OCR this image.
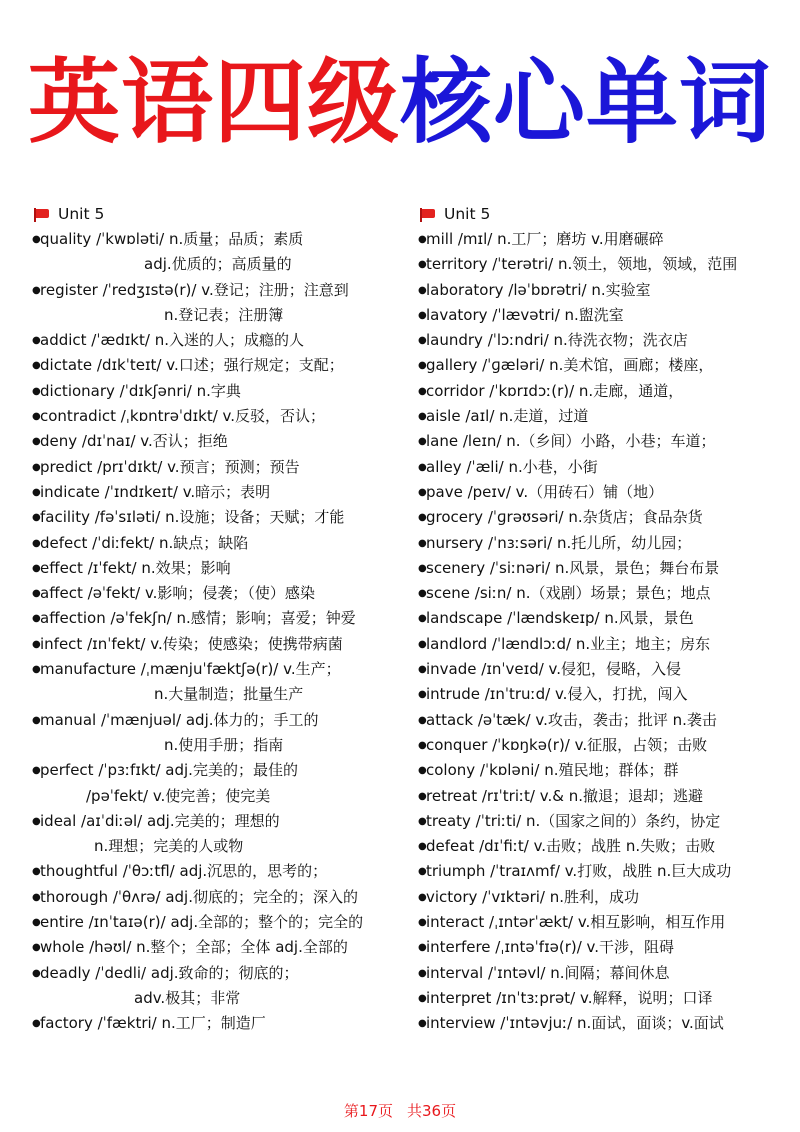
英语四级核心单词
Unit 5
●quality /ˈkwɒləti/ n.质量；品质；素质
adj.优质的；高质量的
●register /ˈredʒɪstə(r)/ v.登记；注册；注意到
n.登记表；注册簿
●addict /ˈædɪkt/ n.入迷的人；成瘾的人
●dictate /dɪkˈteɪt/ v.口述；强行规定；支配；
●dictionary /ˈdɪkʃənri/ n.字典
●contradict /ˌkɒntrəˈdɪkt/ v.反驳，否认；
●deny /dɪˈnaɪ/ v.否认；拒绝
●predict /prɪˈdɪkt/ v.预言；预测；预告
●indicate /ˈɪndɪkeɪt/ v.暗示；表明
●facility /fəˈsɪləti/ n.设施；设备；天赋；才能
●defect /ˈdiːfekt/ n.缺点；缺陷
●effect /ɪˈfekt/ n.效果；影响
●affect /əˈfekt/ v.影响；侵袭；（使）感染
●affection /əˈfekʃn/ n.感情；影响；喜爱；钟爱
●infect /ɪnˈfekt/ v.传染；使感染；使携带病菌
●manufacture /ˌmænjuˈfæktʃə(r)/ v.生产；
n.大量制造；批量生产
●manual /ˈmænjuəl/ adj.体力的；手工的
n.使用手册；指南
●perfect /ˈpɜːfɪkt/ adj.完美的；最佳的
/pəˈfekt/ v.使完善；使完美
●ideal /aɪˈdiːəl/ adj.完美的；理想的
n.理想；完美的人或物
●thoughtful /ˈθɔːtfl/ adj.沉思的，思考的；
●thorough /ˈθʌrə/ adj.彻底的；完全的；深入的
●entire /ɪnˈtaɪə(r)/ adj.全部的；整个的；完全的
●whole /həʊl/ n.整个；全部；全体 adj.全部的
●deadly /ˈdedli/ adj.致命的；彻底的；
adv.极其；非常
●factory /ˈfæktri/ n.工厂；制造厂
Unit 5
●mill /mɪl/ n.工厂；磨坊 v.用磨碾碎
●territory /ˈterətri/ n.领土，领地，领域，范围
●laboratory /ləˈbɒrətri/ n.实验室
●lavatory /ˈlævətri/ n.盥洗室
●laundry /ˈlɔːndri/ n.待洗衣物；洗衣店
●gallery /ˈɡæləri/ n.美术馆，画廊；楼座，
●corridor /ˈkɒrɪdɔː(r)/ n.走廊，通道，
●aisle /aɪl/ n.走道，过道
●lane /leɪn/ n.（乡间）小路，小巷；车道；
●alley /ˈæli/ n.小巷，小街
●pave /peɪv/ v.（用砖石）铺（地）
●grocery /ˈɡrəʊsəri/ n.杂货店；食品杂货
●nursery /ˈnɜːsəri/ n.托儿所，幼儿园；
●scenery /ˈsiːnəri/ n.风景，景色；舞台布景
●scene /siːn/ n.（戏剧）场景；景色；地点
●landscape /ˈlændskeɪp/ n.风景，景色
●landlord /ˈlændlɔːd/ n.业主；地主；房东
●invade /ɪnˈveɪd/ v.侵犯，侵略，入侵
●intrude /ɪnˈtruːd/ v.侵入，打扰，闯入
●attack /əˈtæk/ v.攻击，袭击；批评 n.袭击
●conquer /ˈkɒŋkə(r)/ v.征服，占领；击败
●colony /ˈkɒləni/ n.殖民地；群体；群
●retreat /rɪˈtriːt/ v.& n.撤退；退却；逃避
●treaty /ˈtriːti/ n.（国家之间的）条约，协定
●defeat /dɪˈfiːt/ v.击败；战胜 n.失败；击败
●triumph /ˈtraɪʌmf/ v.打败，战胜 n.巨大成功
●victory /ˈvɪktəri/ n.胜利，成功
●interact /ˌɪntərˈækt/ v.相互影响，相互作用
●interfere /ˌɪntəˈfɪə(r)/ v.干涉，阻碍
●interval /ˈɪntəvl/ n.间隔；幕间休息
●interpret /ɪnˈtɜːprət/ v.解释，说明；口译
●interview /ˈɪntəvjuː/ n.面试，面谈；v.面试
第17页 共36页
